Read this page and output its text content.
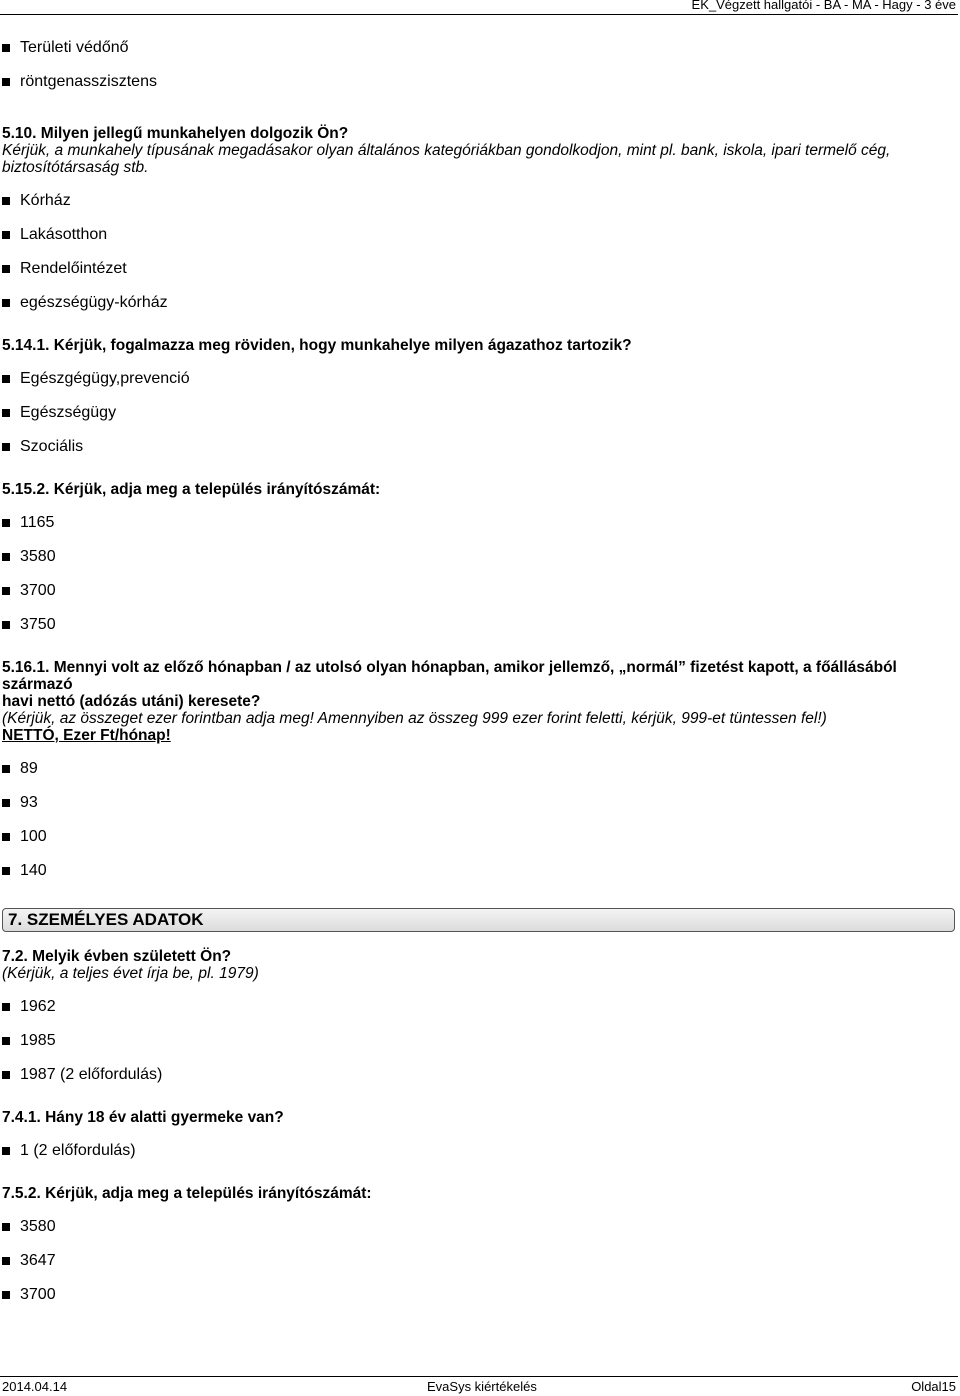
EK_Végzett hallgatói - BA - MA - Hagy - 3 éve
Területi védőnő
röntgenasszisztens
5.10. Milyen jellegű munkahelyen dolgozik Ön?
Kérjük, a munkahely típusának megadásakor olyan általános kategóriákban gondolkodjon, mint pl. bank, iskola, ipari termelő cég,
biztosítótársaság stb.
Kórház
Lakásotthon
Rendelőintézet
egészségügy-kórház
5.14.1. Kérjük, fogalmazza meg röviden, hogy munkahelye milyen ágazathoz tartozik?
Egészgégügy,prevenció
Egészségügy
Szociális
5.15.2. Kérjük, adja meg a település irányítószámát:
1165
3580
3700
3750
5.16.1. Mennyi volt az előző hónapban / az utolsó olyan hónapban, amikor jellemző, „normál” fizetést kapott, a főállásából származó
havi nettó (adózás utáni) keresete?
(Kérjük, az összeget ezer forintban adja meg! Amennyiben az összeg 999 ezer forint feletti, kérjük, 999-et tüntessen fel!)
NETTÓ, Ezer Ft/hónap!
89
93
100
140
7. SZEMÉLYES ADATOK
7.2. Melyik évben született Ön?
(Kérjük, a teljes évet írja be, pl. 1979)
1962
1985
1987 (2 előfordulás)
7.4.1. Hány 18 év alatti gyermeke van?
1 (2 előfordulás)
7.5.2. Kérjük, adja meg a település irányítószámát:
3580
3647
3700
2014.04.14	EvaSys kiértékelés	Oldal15
